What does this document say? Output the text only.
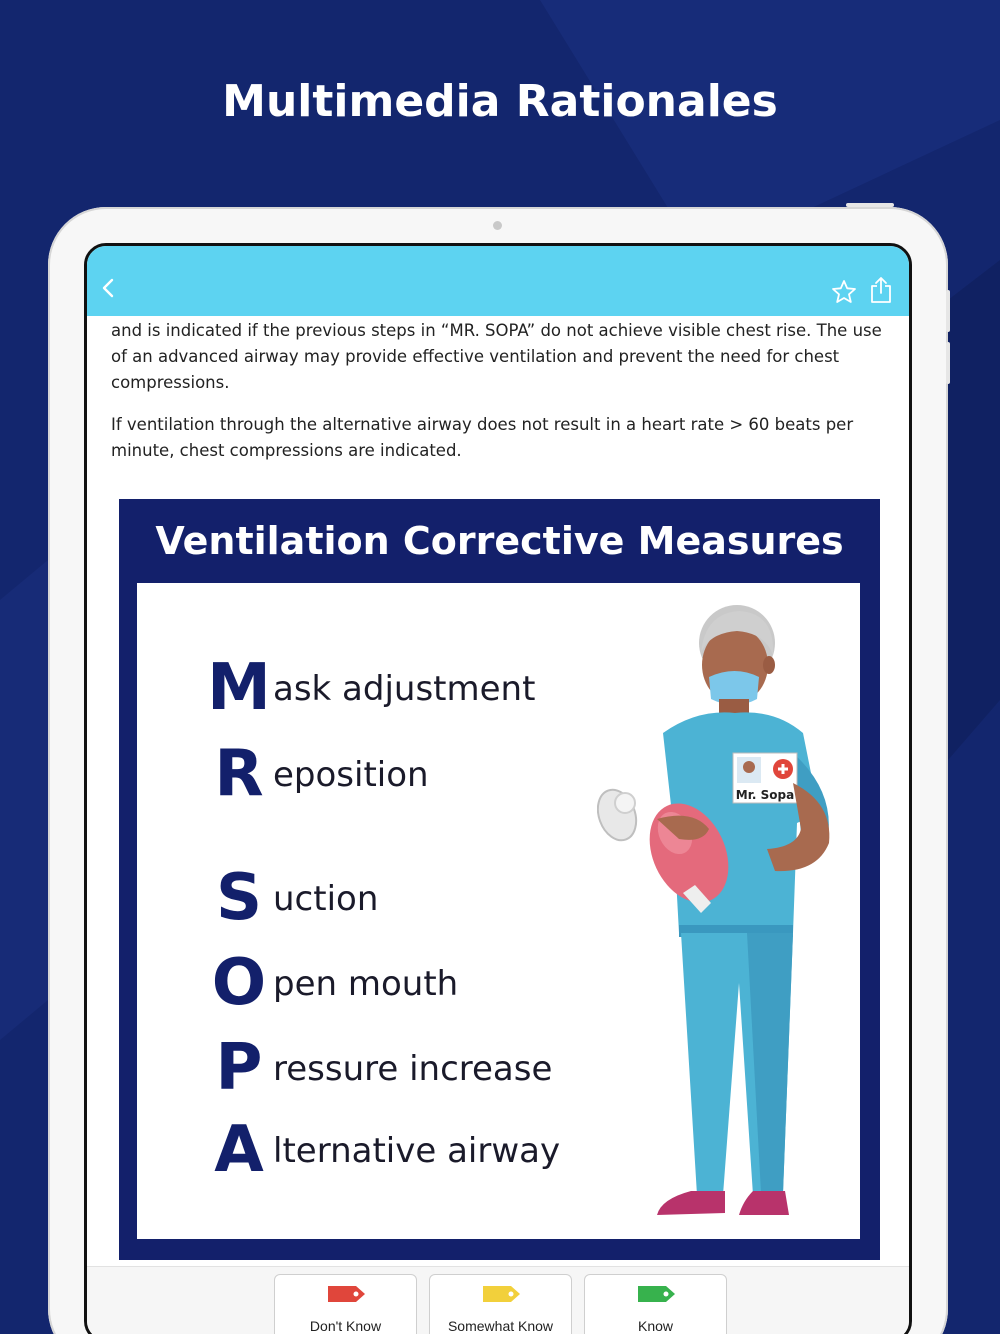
Multimedia Rationales

and is indicated if the previous steps in “MR. SOPA” do not achieve visible chest rise. The use of an advanced airway may provide effective ventilation and prevent the need for chest compressions.

If ventilation through the alternative airway does not result in a heart rate > 60 beats per minute, chest compressions are indicated.

Ventilation Corrective Measures
M ask adjustment
R eposition
S uction
O pen mouth
P ressure increase
A lternative airway
Mr. Sopa
Don't Know	Somewhat Know	Know
